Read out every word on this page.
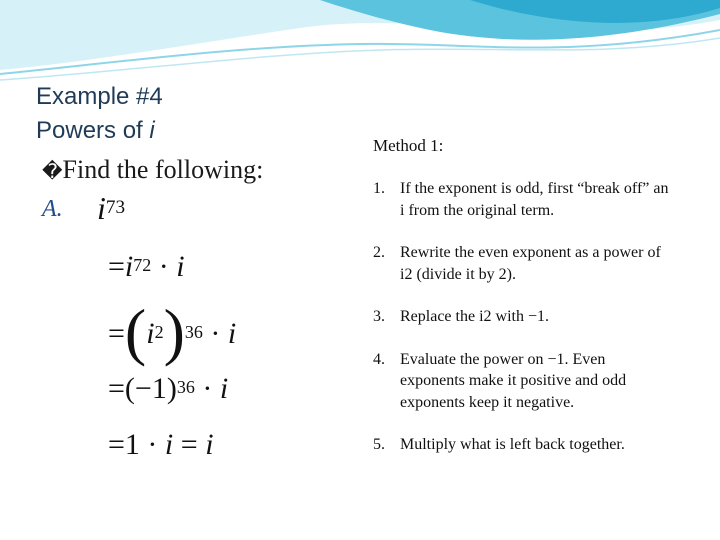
Example #4
Powers of i
�Find the following:
A. $i^{73}$
$=i^{72} \cdot i$
$=(i^2)^{36} \cdot i$
$=(-1)^{36} \cdot i$
=1 · i = i
Method 1:
1. If the exponent is odd, first “break off” an i from the original term.
2. Rewrite the even exponent as a power of i2 (divide it by 2).
3. Replace the i2 with −1.
4. Evaluate the power on −1. Even exponents make it positive and odd exponents keep it negative.
5. Multiply what is left back together.
